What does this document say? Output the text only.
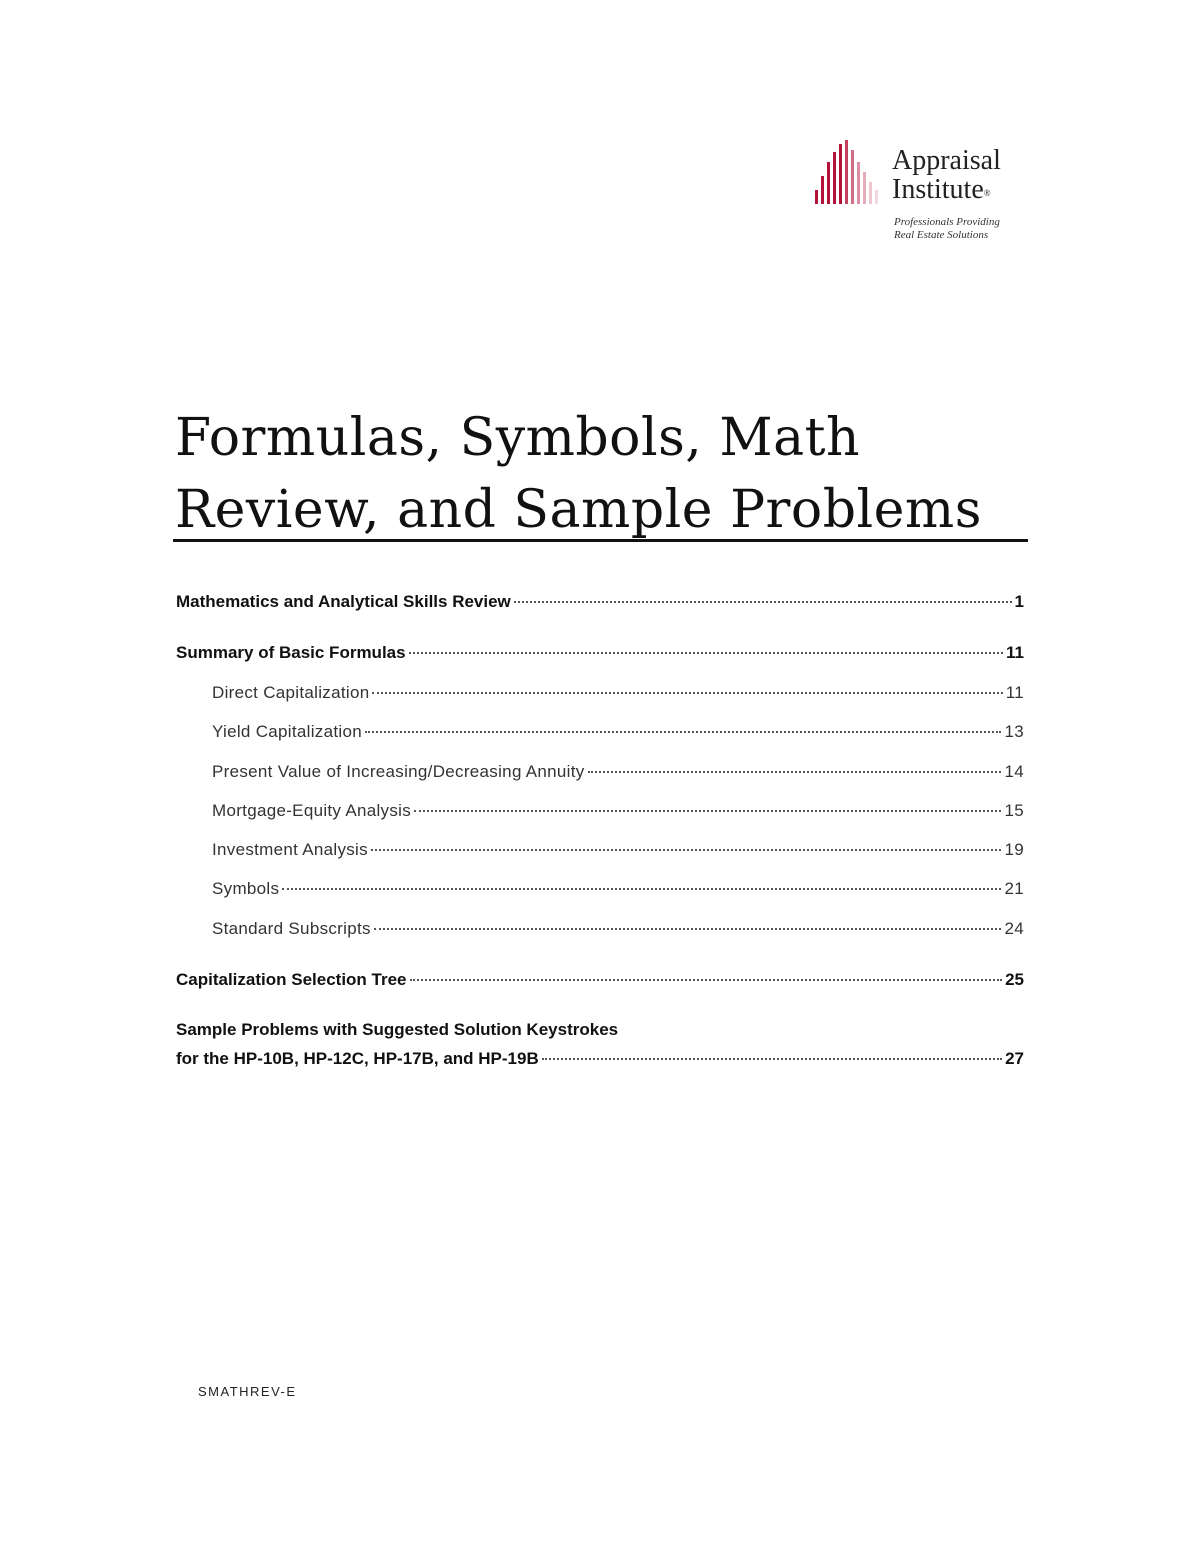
Appraisal
Institute®
Professionals Providing
Real Estate Solutions
Formulas, Symbols, Math
Review, and Sample Problems
Mathematics and Analytical Skills Review	1
Summary of Basic Formulas	11
Direct Capitalization	11
Yield Capitalization	13
Present Value of Increasing/Decreasing Annuity	14
Mortgage-Equity Analysis	15
Investment Analysis	19
Symbols	21
Standard Subscripts	24
Capitalization Selection Tree	25
Sample Problems with Suggested Solution Keystrokes
for the HP-10B, HP-12C, HP-17B, and HP-19B	27
SMATHREV-E
